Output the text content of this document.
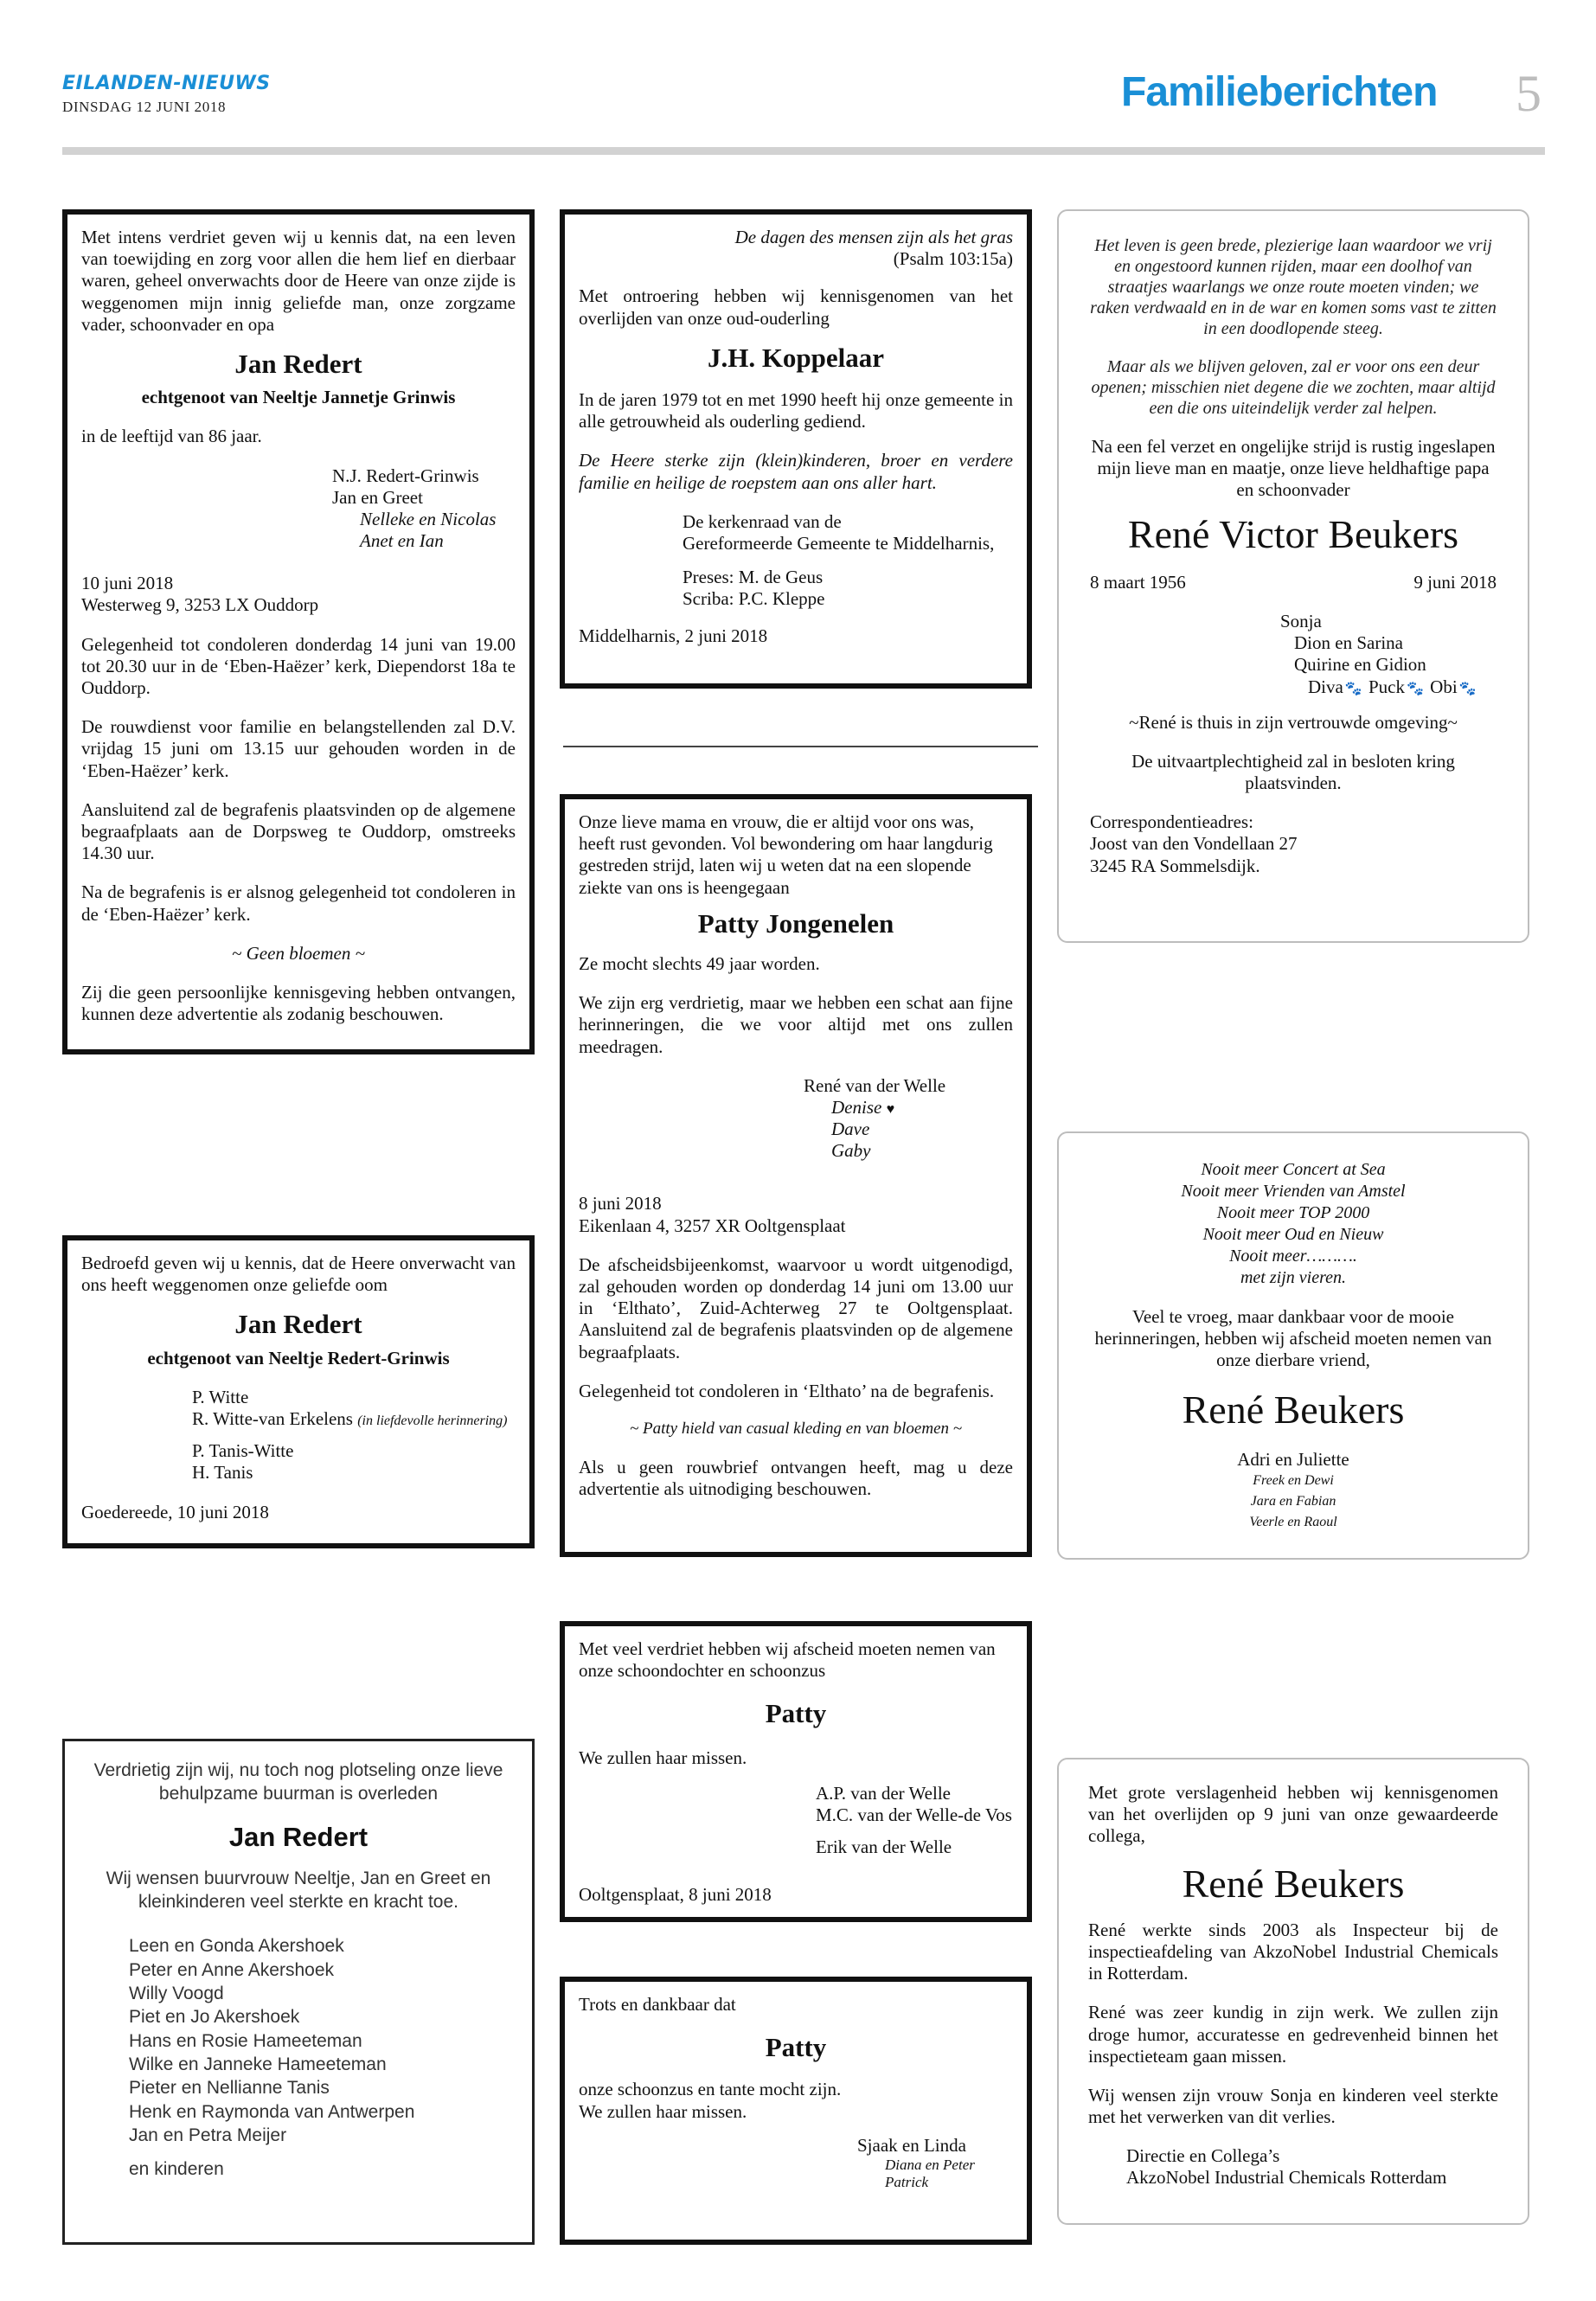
EILANDEN-NIEUWS
DINSDAG 12 JUNI 2018	Familieberichten 5
Met intens verdriet geven wij u kennis dat, na een leven van toewijding en zorg voor allen die hem lief en dierbaar waren, geheel onverwachts door de Heere van onze zijde is weggenomen mijn innig geliefde man, onze zorgzame vader, schoonvader en opa
Jan Redert
echtgenoot van Neeltje Jannetje Grinwis
in de leeftijd van 86 jaar.
N.J. Redert-Grinwis
Jan en Greet
Nelleke en Nicolas
Anet en Ian
10 juni 2018
Westerweg 9, 3253 LX Ouddorp
Gelegenheid tot condoleren donderdag 14 juni van 19.00 tot 20.30 uur in de ‘Eben-Haëzer’ kerk, Diependorst 18a te Ouddorp.
De rouwdienst voor familie en belangstellenden zal D.V. vrijdag 15 juni om 13.15 uur gehouden worden in de ‘Eben-Haëzer’ kerk.
Aansluitend zal de begrafenis plaatsvinden op de algemene begraafplaats aan de Dorpsweg te Ouddorp, omstreeks 14.30 uur.
Na de begrafenis is er alsnog gelegenheid tot condoleren in de ‘Eben-Haëzer’ kerk.
~ Geen bloemen ~
Zij die geen persoonlijke kennisgeving hebben ontvangen, kunnen deze advertentie als zodanig beschouwen.
De dagen des mensen zijn als het gras
(Psalm 103:15a)
Met ontroering hebben wij kennisgenomen van het overlijden van onze oud-ouderling
J.H. Koppelaar
In de jaren 1979 tot en met 1990 heeft hij onze gemeente in alle getrouwheid als ouderling gediend.
De Heere sterke zijn (klein)kinderen, broer en verdere familie en heilige de roepstem aan ons aller hart.
De kerkenraad van de
Gereformeerde Gemeente te Middelharnis,
Preses: M. de Geus
Scriba: P.C. Kleppe
Middelharnis, 2 juni 2018
Het leven is geen brede, plezierige laan waardoor we vrij en ongestoord kunnen rijden, maar een doolhof van straatjes waarlangs we onze route moeten vinden; we raken verdwaald en in de war en komen soms vast te zitten in een doodlopende steeg.
Maar als we blijven geloven, zal er voor ons een deur openen; misschien niet degene die we zochten, maar altijd een die ons uiteindelijk verder zal helpen.
Na een fel verzet en ongelijke strijd is rustig ingeslapen mijn lieve man en maatje, onze lieve heldhaftige papa en schoonvader
René Victor Beukers
8 maart 1956	9 juni 2018
Sonja
Dion en Sarina
Quirine en Gidion
Diva 🐾 Puck 🐾 Obi 🐾
~René is thuis in zijn vertrouwde omgeving~
De uitvaartplechtigheid zal in besloten kring plaatsvinden.
Correspondentieadres:
Joost van den Vondellaan 27
3245 RA Sommelsdijk.
Onze lieve mama en vrouw, die er altijd voor ons was, heeft rust gevonden. Vol bewondering om haar langdurig gestreden strijd, laten wij u weten dat na een slopende ziekte van ons is heengegaan
Patty Jongenelen
Ze mocht slechts 49 jaar worden.
We zijn erg verdrietig, maar we hebben een schat aan fijne herinneringen, die we voor altijd met ons zullen meedragen.
René van der Welle
Denise ♥
Dave
Gaby
8 juni 2018
Eikenlaan 4, 3257 XR Ooltgensplaat
De afscheidsbijeenkomst, waarvoor u wordt uitgenodigd, zal gehouden worden op donderdag 14 juni om 13.00 uur in ‘Elthato’, Zuid-Achterweg 27 te Ooltgensplaat. Aansluitend zal de begrafenis plaatsvinden op de algemene begraafplaats.
Gelegenheid tot condoleren in ‘Elthato’ na de begrafenis.
~ Patty hield van casual kleding en van bloemen ~
Als u geen rouwbrief ontvangen heeft, mag u deze advertentie als uitnodiging beschouwen.
Nooit meer Concert at Sea
Nooit meer Vrienden van Amstel
Nooit meer TOP 2000
Nooit meer Oud en Nieuw
Nooit meer……….
met zijn vieren.
Veel te vroeg, maar dankbaar voor de mooie herinneringen, hebben wij afscheid moeten nemen van onze dierbare vriend,
René Beukers
Adri en Juliette
Freek en Dewi
Jara en Fabian
Veerle en Raoul
Bedroefd geven wij u kennis, dat de Heere onverwacht van ons heeft weggenomen onze geliefde oom
Jan Redert
echtgenoot van Neeltje Redert-Grinwis
P. Witte
R. Witte-van Erkelens (in liefdevolle herinnering)
P. Tanis-Witte
H. Tanis
Goedereede, 10 juni 2018
Met veel verdriet hebben wij afscheid moeten nemen van onze schoondochter en schoonzus
Patty
We zullen haar missen.
A.P. van der Welle
M.C. van der Welle-de Vos
Erik van der Welle
Ooltgensplaat, 8 juni 2018
Verdrietig zijn wij, nu toch nog plotseling onze lieve behulpzame buurman is overleden
Jan Redert
Wij wensen buurvrouw Neeltje, Jan en Greet en kleinkinderen veel sterkte en kracht toe.
Leen en Gonda Akershoek
Peter en Anne Akershoek
Willy Voogd
Piet en Jo Akershoek
Hans en Rosie Hameeteman
Wilke en Janneke Hameeteman
Pieter en Nellianne Tanis
Henk en Raymonda van Antwerpen
Jan en Petra Meijer
en kinderen
Trots en dankbaar dat
Patty
onze schoonzus en tante mocht zijn.
We zullen haar missen.
Sjaak en Linda
Diana en Peter
Patrick
Met grote verslagenheid hebben wij kennisgenomen van het overlijden op 9 juni van onze gewaardeerde collega,
René Beukers
René werkte sinds 2003 als Inspecteur bij de inspectieafdeling van AkzoNobel Industrial Chemicals in Rotterdam.
René was zeer kundig in zijn werk. We zullen zijn droge humor, accuratesse en gedrevenheid binnen het inspectieteam gaan missen.
Wij wensen zijn vrouw Sonja en kinderen veel sterkte met het verwerken van dit verlies.
Directie en Collega’s
AkzoNobel Industrial Chemicals Rotterdam
